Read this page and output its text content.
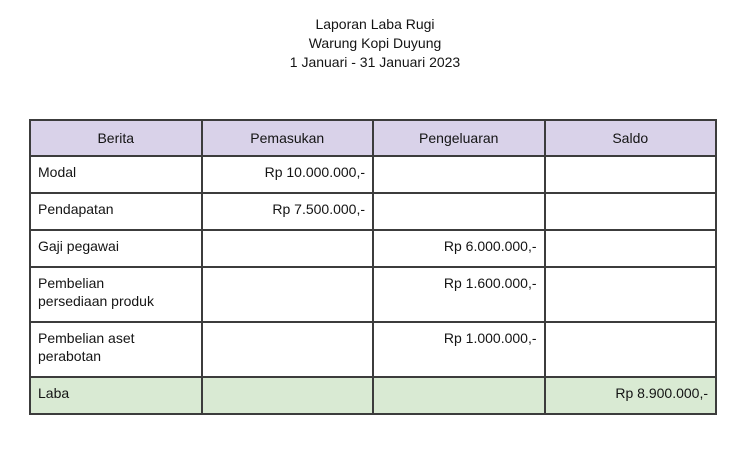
Laporan Laba Rugi
Warung Kopi Duyung
1 Januari - 31 Januari 2023
Berita	Pemasukan	Pengeluaran	Saldo
Modal	Rp 10.000.000,-		
Pendapatan	Rp 7.500.000,-		
Gaji pegawai		Rp 6.000.000,-	
Pembelian persediaan produk		Rp 1.600.000,-	
Pembelian aset perabotan		Rp 1.000.000,-	
Laba			Rp 8.900.000,-
